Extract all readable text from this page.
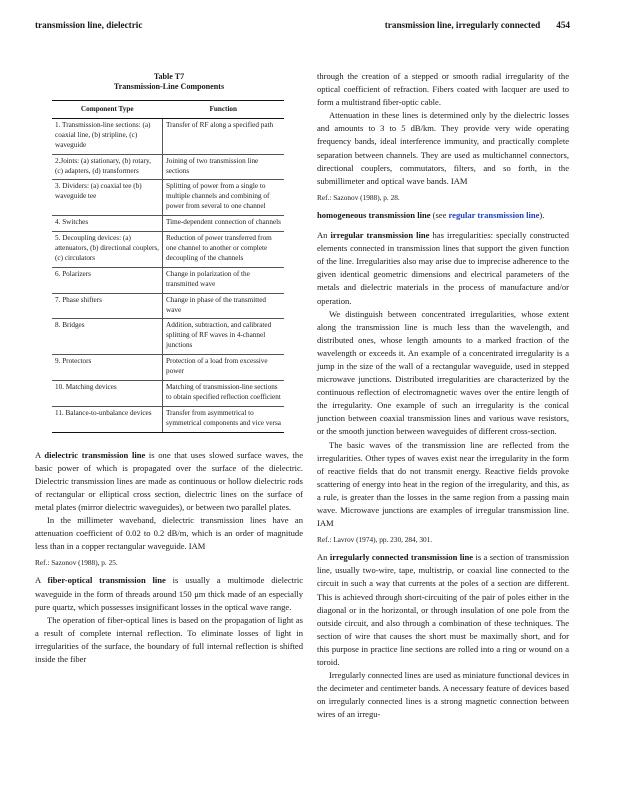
transmission line, dielectric	transmission line, irregularly connected 454
Table T7
Transmission-Line Components
Component Type	Function
1. Transmission-line sections: (a) coaxial line, (b) stripline, (c) waveguide	Transfer of RF along a specified path
2.Joints: (a) stationary, (b) rotary, (c) adapters, (d) transformers	Joining of two transmission line sections
3. Dividers: (a) coaxial tee (b) waveguide tee	Splitting of power from a single to multiple channels and combining of power from several to one channel
4. Switches	Time-dependent connection of channels
5. Decoupling devices: (a) attenuators, (b) directional couplers, (c) circulators	Reduction of power transferred from one channel to another or complete decoupling of the channels
6. Polarizers	Change in polarization of the transmitted wave
7. Phase shifters	Change in phase of the transmitted wave
8. Bridges	Addition, subtraction, and calibrated splitting of RF waves in 4-channel junctions
9. Protectors	Protection of a load from excessive power
10. Matching devices	Matching of transmission-line sections to obtain specified reflection coefficient
11. Balance-to-unbalance devices	Transfer from asymmetrical to symmetrical components and vice versa

A dielectric transmission line is one that uses slowed surface waves, the basic power of which is propagated over the surface of the dielectric. Dielectric transmission lines are made as continuous or hollow dielectric rods of rectangular or elliptical cross section, dielectric lines on the surface of metal plates (mirror dielectric waveguides), or between two parallel plates.

In the millimeter waveband, dielectric transmission lines have an attenuation coefficient of 0.02 to 0.2 dB/m, which is an order of magnitude less than in a copper rectangular waveguide. IAM

Ref.: Sazonov (1988), p. 25.

A fiber-optical transmission line is usually a multimode dielectric waveguide in the form of threads around 150 μm thick made of an especially pure quartz, which possesses insignificant losses in the optical wave range.

The operation of fiber-optical lines is based on the propagation of light as a result of complete internal reflection. To eliminate losses of light in irregularities of the surface, the boundary of full internal reflection is shifted inside the fiber

through the creation of a stepped or smooth radial irregularity of the optical coefficient of refraction. Fibers coated with lacquer are used to form a multistrand fiber-optic cable.

Attenuation in these lines is determined only by the dielectric losses and amounts to 3 to 5 dB/km. They provide very wide operating frequency bands, ideal interference immunity, and practically complete separation between channels. They are used as multichannel connectors, directional couplers, commutators, filters, and so forth, in the submillimeter and optical wave bands. IAM

Ref.: Sazonov (1988), p. 28.

homogeneous transmission line (see regular transmission line).

An irregular transmission line has irregularities: specially constructed elements connected in transmission lines that support the given function of the line. Irregularities also may arise due to imprecise adherence to the given identical geometric dimensions and electrical parameters of the metals and dielectric materials in the process of manufacture and/or operation.

We distinguish between concentrated irregularities, whose extent along the transmission line is much less than the wavelength, and distributed ones, whose length amounts to a marked fraction of the wavelength or exceeds it. An example of a concentrated irregularity is a jump in the size of the wall of a rectangular waveguide, used in stepped microwave junctions. Distributed irregularities are characterized by the continuous reflection of electromagnetic waves over the entire length of the irregularity. One example of such an irregularity is the conical junction between coaxial transmission lines and various wave resistors, or the smooth junction between waveguides of different cross-section.

The basic waves of the transmission line are reflected from the irregularities. Other types of waves exist near the irregularity in the form of reactive fields that do not transmit energy. Reactive fields provoke scattering of energy into heat in the region of the irregularity, and this, as a rule, is greater than the losses in the same region from a passing main wave. Microwave junctions are examples of irregular transmission line. IAM

Ref.: Lavrov (1974), pp. 230, 284, 301.

An irregularly connected transmission line is a section of transmission line, usually two-wire, tape, multistrip, or coaxial line connected to the circuit in such a way that currents at the poles of a section are different. This is achieved through short-circuiting of the pair of poles either in the diagonal or in the horizontal, or through insulation of one pole from the outside circuit, and also through a combination of these techniques. The section of wire that causes the short must be maximally short, and for this purpose in practice line sections are rolled into a ring or wound on a toroid.

Irregularly connected lines are used as miniature functional devices in the decimeter and centimeter bands. A necessary feature of devices based on irregularly connected lines is a strong magnetic connection between wires of an irregu-
